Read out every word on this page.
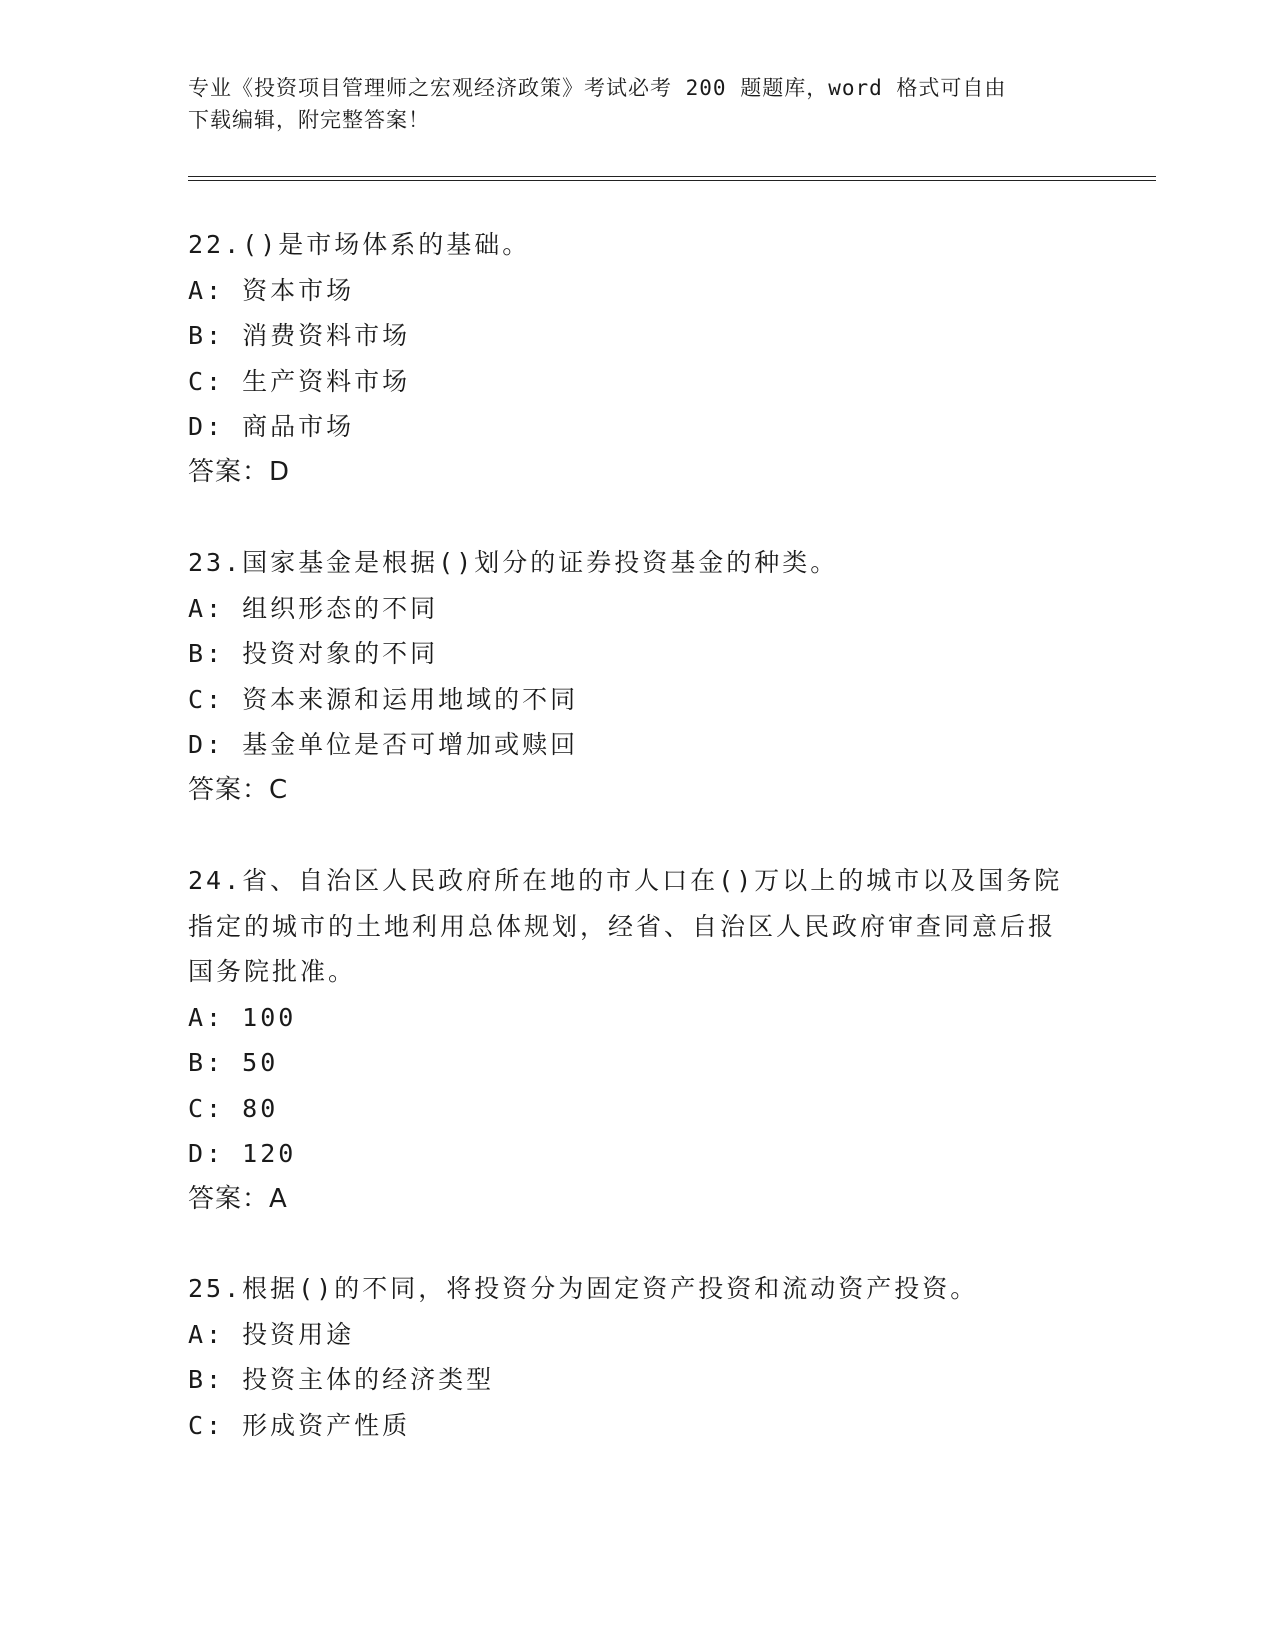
专业《投资项目管理师之宏观经济政策》考试必考 200 题题库，word 格式可自由
下载编辑，附完整答案！
22.()是市场体系的基础。
A: 资本市场
B: 消费资料市场
C: 生产资料市场
D: 商品市场
答案：D
23.国家基金是根据()划分的证券投资基金的种类。
A: 组织形态的不同
B: 投资对象的不同
C: 资本来源和运用地域的不同
D: 基金单位是否可增加或赎回
答案：C
24.省、自治区人民政府所在地的市人口在()万以上的城市以及国务院指定的城市的土地利用总体规划，经省、自治区人民政府审查同意后报国务院批准。
A: 100
B: 50
C: 80
D: 120
答案：A
25.根据()的不同，将投资分为固定资产投资和流动资产投资。
A: 投资用途
B: 投资主体的经济类型
C: 形成资产性质
